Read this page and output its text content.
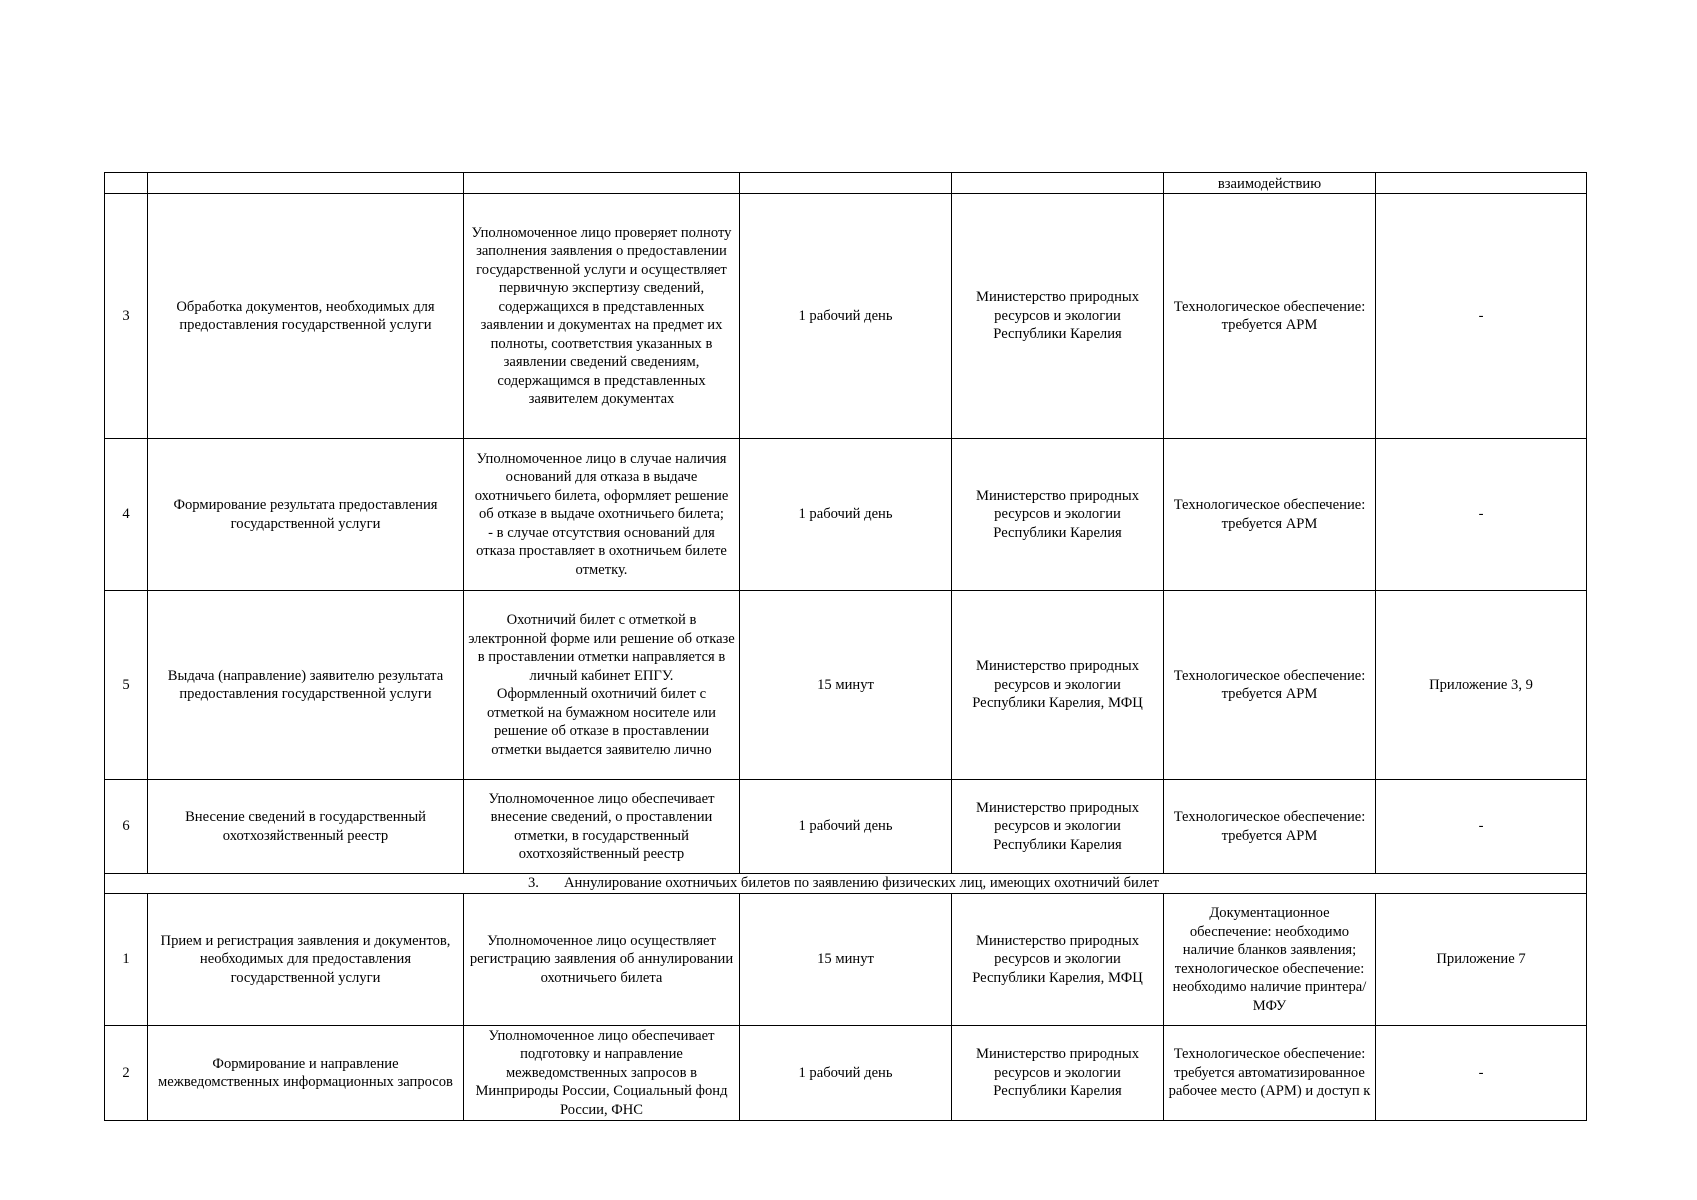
					взаимодействию	
3	Обработка документов, необходимых для предоставления государственной услуги	Уполномоченное лицо проверяет полноту заполнения заявления о предоставлении государственной услуги и осуществляет первичную экспертизу сведений, содержащихся в представленных заявлении и документах на предмет их полноты, соответствия указанных в заявлении сведений сведениям, содержащимся в представленных заявителем документах	1 рабочий день	Министерство природных ресурсов и экологии Республики Карелия	Технологическое обеспечение: требуется АРМ	-
4	Формирование результата предоставления государственной услуги	Уполномоченное лицо в случае наличия оснований для отказа в выдаче охотничьего билета, оформляет решение об отказе в выдаче охотничьего билета;
- в случае отсутствия оснований для отказа проставляет в охотничьем билете отметку.	1 рабочий день	Министерство природных ресурсов и экологии Республики Карелия	Технологическое обеспечение: требуется АРМ	-
5	Выдача (направление) заявителю результата предоставления государственной услуги	Охотничий билет с отметкой в электронной форме или решение об отказе в проставлении отметки направляется в личный кабинет ЕПГУ.
Оформленный охотничий билет с отметкой на бумажном носителе или решение об отказе в проставлении отметки выдается заявителю лично	15 минут	Министерство природных ресурсов и экологии Республики Карелия, МФЦ	Технологическое обеспечение: требуется АРМ	Приложение 3, 9
6	Внесение сведений в государственный охотхозяйственный реестр	Уполномоченное лицо обеспечивает внесение сведений, о проставлении отметки, в государственный охотхозяйственный реестр	1 рабочий день	Министерство природных ресурсов и экологии Республики Карелия	Технологическое обеспечение: требуется АРМ	-
3. Аннулирование охотничьих билетов по заявлению физических лиц, имеющих охотничий билет						
1	Прием и регистрация заявления и документов, необходимых для предоставления государственной услуги	Уполномоченное лицо осуществляет регистрацию заявления об аннулировании охотничьего билета	15 минут	Министерство природных ресурсов и экологии Республики Карелия, МФЦ	Документационное обеспечение: необходимо наличие бланков заявления;
технологическое обеспечение: необходимо наличие принтера/МФУ	Приложение 7
2	Формирование и направление межведомственных информационных запросов	Уполномоченное лицо обеспечивает подготовку и направление межведомственных запросов в Минприроды России, Социальный фонд России, ФНС	1 рабочий день	Министерство природных ресурсов и экологии Республики Карелия	Технологическое обеспечение: требуется автоматизированное рабочее место (АРМ) и доступ к	-
